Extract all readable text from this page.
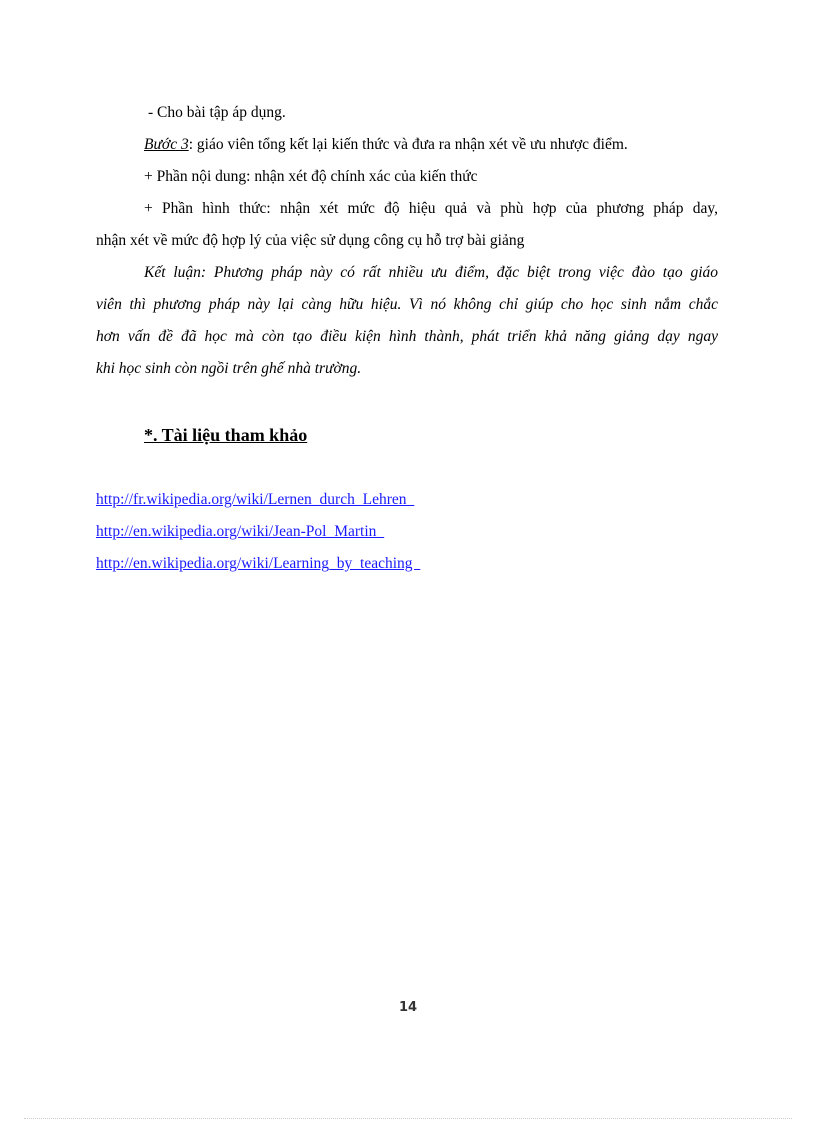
- Cho bài tập áp dụng.
Bước 3: giáo viên tổng kết lại kiến thức và đưa ra nhận xét về ưu nhược điểm.
+ Phần nội dung: nhận xét độ chính xác của kiến thức
+ Phần hình thức: nhận xét mức độ hiệu quả và phù hợp của phương pháp day,
nhận xét về mức độ hợp lý của việc sử dụng công cụ hỗ trợ bài giảng
Kết luận: Phương pháp này có rất nhiều ưu điểm, đặc biệt trong việc đào tạo giáo
viên thì phương pháp này lại càng hữu hiệu. Vì nó không chỉ giúp cho học sinh nắm chắc
hơn vấn đề đã học mà còn tạo điều kiện hình thành, phát triển khả năng giảng dạy ngay
khi học sinh còn ngồi trên ghế nhà trường.
*. Tài liệu tham khảo
http://fr.wikipedia.org/wiki/Lernen_durch_Lehren
http://en.wikipedia.org/wiki/Jean-Pol_Martin
http://en.wikipedia.org/wiki/Learning_by_teaching
14
